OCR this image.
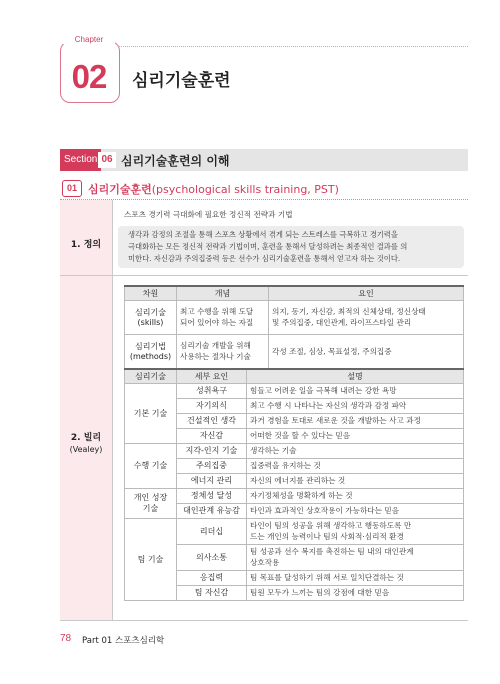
Chapter
02	심리기술훈련
Section 06 심리기술훈련의 이해
01	심리기술훈련(psychological skills training, PST)
1. 정의
스포츠 경기력 극대화에 필요한 정신적 전략과 기법
생각과 감정의 조절을 통해 스포츠 상황에서 겪게 되는 스트레스를 극복하고 경기력을
극대화하는 모든 정신적 전략과 기법이며, 훈련을 통해서 달성하려는 최종적인 결과를 의
미한다. 자신감과 주의집중력 등은 선수가 심리기술훈련을 통해서 얻고자 하는 것이다.
2. 빌리
(Vealey)
차원	개념	요인
심리기술
(skills)	최고 수행을 위해 도달
되어 있어야 하는 자질	의지, 동기, 자신감, 최적의 신체상태, 정신상태
및 주의집중, 대인관계, 라이프스타일 관리
심리기법
(methods)	심리기술 개발을 위해
사용하는 절차나 기술	각성 조절, 심상, 목표설정, 주의집중
심리기술	세부 요인	설명
기본 기술	성취욕구	힘들고 어려운 일을 극복해 내려는 강한 욕망
	자기의식	최고 수행 시 나타나는 자신의 생각과 감정 파악
	건설적인 생각	과거 경험을 토대로 새로운 것을 개발하는 사고 과정
	자신감	어떠한 것을 할 수 있다는 믿음
수행 기술	지각-인지 기술	생각하는 기술
	주의집중	집중력을 유지하는 것
	에너지 관리	자신의 에너지를 관리하는 것
개인 성장
기술	정체성 달성	자기정체성을 명확하게 하는 것
	대인관계 유능감	타인과 효과적인 상호작용이 가능하다는 믿음
팀 기술	리더십	타인이 팀의 성공을 위해 생각하고 행동하도록 만
드는 개인의 능력이나 팀의 사회적·심리적 환경
	의사소통	팀 성공과 선수 복지를 촉진하는 팀 내의 대인관계
상호작용
	응집력	팀 목표를 달성하기 위해 서로 일치단결하는 것
	팀 자신감	팀원 모두가 느끼는 팀의 강점에 대한 믿음
78 Part 01 스포츠심리학
